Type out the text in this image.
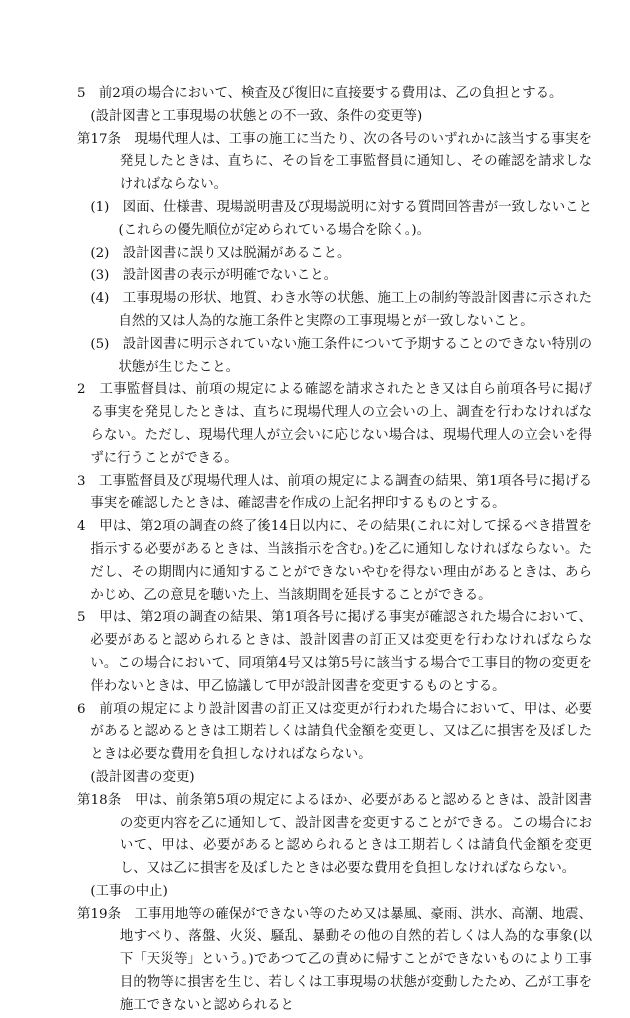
5　前2項の場合において、検査及び復旧に直接要する費用は、乙の負担とする。

(設計図書と工事現場の状態との不一致、条件の変更等)

第17条　現場代理人は、工事の施工に当たり、次の各号のいずれかに該当する事実を発見したときは、直ちに、その旨を工事監督員に通知し、その確認を請求しなければならない。

(1)　図面、仕様書、現場説明書及び現場説明に対する質問回答書が一致しないこと(これらの優先順位が定められている場合を除く。)。

(2)　設計図書に誤り又は脱漏があること。

(3)　設計図書の表示が明確でないこと。

(4)　工事現場の形状、地質、わき水等の状態、施工上の制約等設計図書に示された自然的又は人為的な施工条件と実際の工事現場とが一致しないこと。

(5)　設計図書に明示されていない施工条件について予期することのできない特別の状態が生じたこと。

2　工事監督員は、前項の規定による確認を請求されたとき又は自ら前項各号に掲げる事実を発見したときは、直ちに現場代理人の立会いの上、調査を行わなければならない。ただし、現場代理人が立会いに応じない場合は、現場代理人の立会いを得ずに行うことができる。

3　工事監督員及び現場代理人は、前項の規定による調査の結果、第1項各号に掲げる事実を確認したときは、確認書を作成の上記名押印するものとする。

4　甲は、第2項の調査の終了後14日以内に、その結果(これに対して採るべき措置を指示する必要があるときは、当該指示を含む。)を乙に通知しなければならない。ただし、その期間内に通知することができないやむを得ない理由があるときは、あらかじめ、乙の意見を聴いた上、当該期間を延長することができる。

5　甲は、第2項の調査の結果、第1項各号に掲げる事実が確認された場合において、必要があると認められるときは、設計図書の訂正又は変更を行わなければならない。この場合において、同項第4号又は第5号に該当する場合で工事目的物の変更を伴わないときは、甲乙協議して甲が設計図書を変更するものとする。

6　前項の規定により設計図書の訂正又は変更が行われた場合において、甲は、必要があると認めるときは工期若しくは請負代金額を変更し、又は乙に損害を及ぼしたときは必要な費用を負担しなければならない。

(設計図書の変更)

第18条　甲は、前条第5項の規定によるほか、必要があると認めるときは、設計図書の変更内容を乙に通知して、設計図書を変更することができる。この場合において、甲は、必要があると認められるときは工期若しくは請負代金額を変更し、又は乙に損害を及ぼしたときは必要な費用を負担しなければならない。

(工事の中止)

第19条　工事用地等の確保ができない等のため又は暴風、豪雨、洪水、高潮、地震、地すべり、落盤、火災、騒乱、暴動その他の自然的若しくは人為的な事象(以下「天災等」という。)であつて乙の責めに帰すことができないものにより工事目的物等に損害を生じ、若しくは工事現場の状態が変動したため、乙が工事を施工できないと認められると
